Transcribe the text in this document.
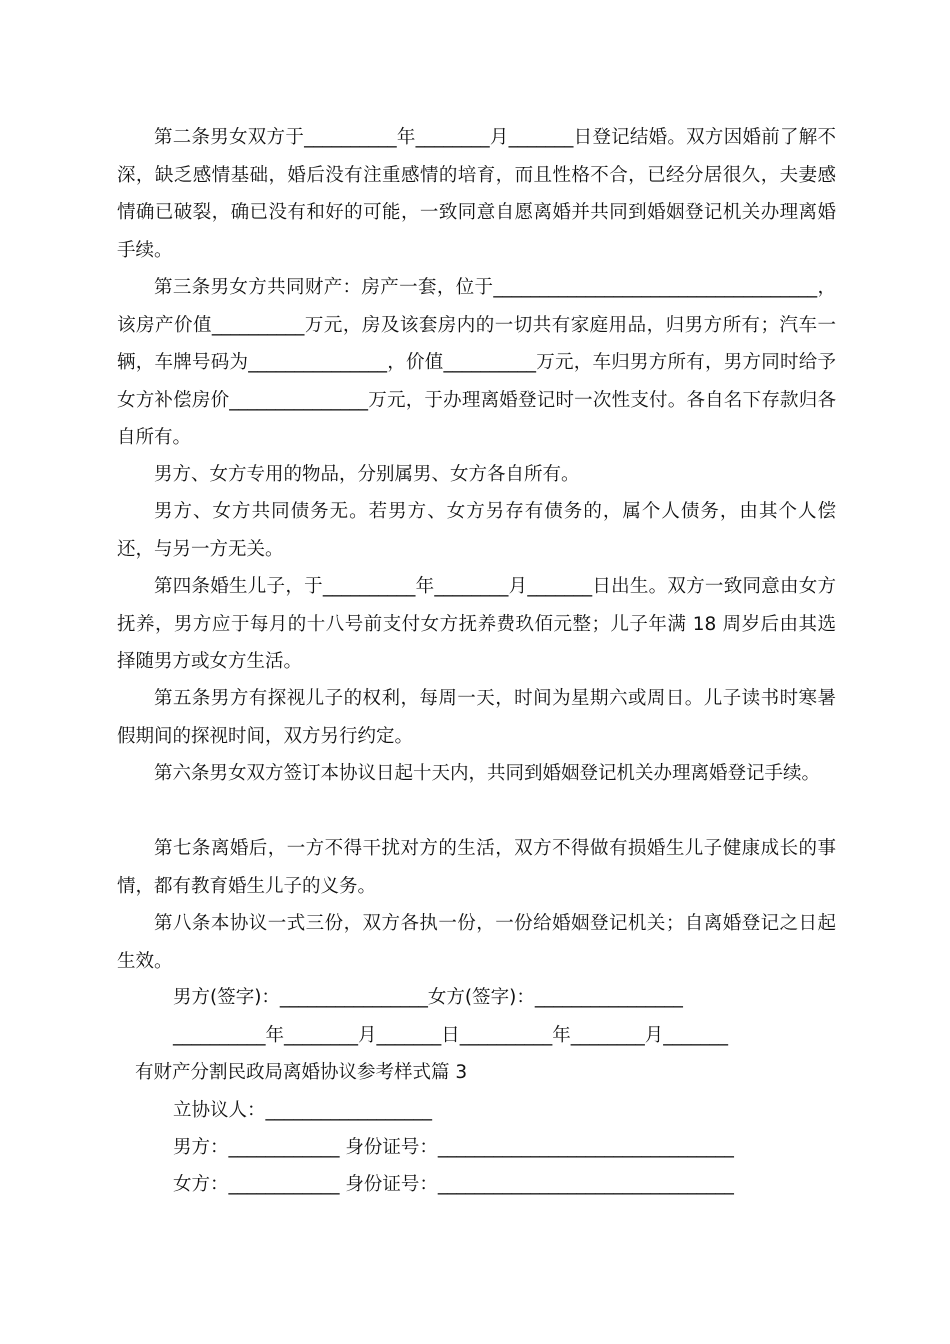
第二条男女双方于__________年________月_______日登记结婚。双方因婚前了解不深，缺乏感情基础，婚后没有注重感情的培育，而且性格不合，已经分居很久，夫妻感情确已破裂，确已没有和好的可能，一致同意自愿离婚并共同到婚姻登记机关办理离婚手续。

第三条男女方共同财产：房产一套，位于___________________________________，该房产价值__________万元，房及该套房内的一切共有家庭用品，归男方所有；汽车一辆，车牌号码为_______________，价值__________万元，车归男方所有，男方同时给予女方补偿房价_______________万元，于办理离婚登记时一次性支付。各自名下存款归各自所有。

男方、女方专用的物品，分别属男、女方各自所有。

男方、女方共同债务无。若男方、女方另存有债务的，属个人债务，由其个人偿还，与另一方无关。

第四条婚生儿子，于__________年________月_______日出生。双方一致同意由女方抚养，男方应于每月的十八号前支付女方抚养费玖佰元整；儿子年满 18 周岁后由其选择随男方或女方生活。

第五条男方有探视儿子的权利，每周一天，时间为星期六或周日。儿子读书时寒暑假期间的探视时间，双方另行约定。

第六条男女双方签订本协议日起十天内，共同到婚姻登记机关办理离婚登记手续。

第七条离婚后，一方不得干扰对方的生活，双方不得做有损婚生儿子健康成长的事情，都有教育婚生儿子的义务。

第八条本协议一式三份，双方各执一份，一份给婚姻登记机关；自离婚登记之日起生效。

男方(签字)：________________女方(签字)：________________
__________年________月_______日__________年________月_______
有财产分割民政局离婚协议参考样式篇 3
立协议人：__________________
男方：____________ 身份证号：________________________________
女方：____________ 身份证号：________________________________
